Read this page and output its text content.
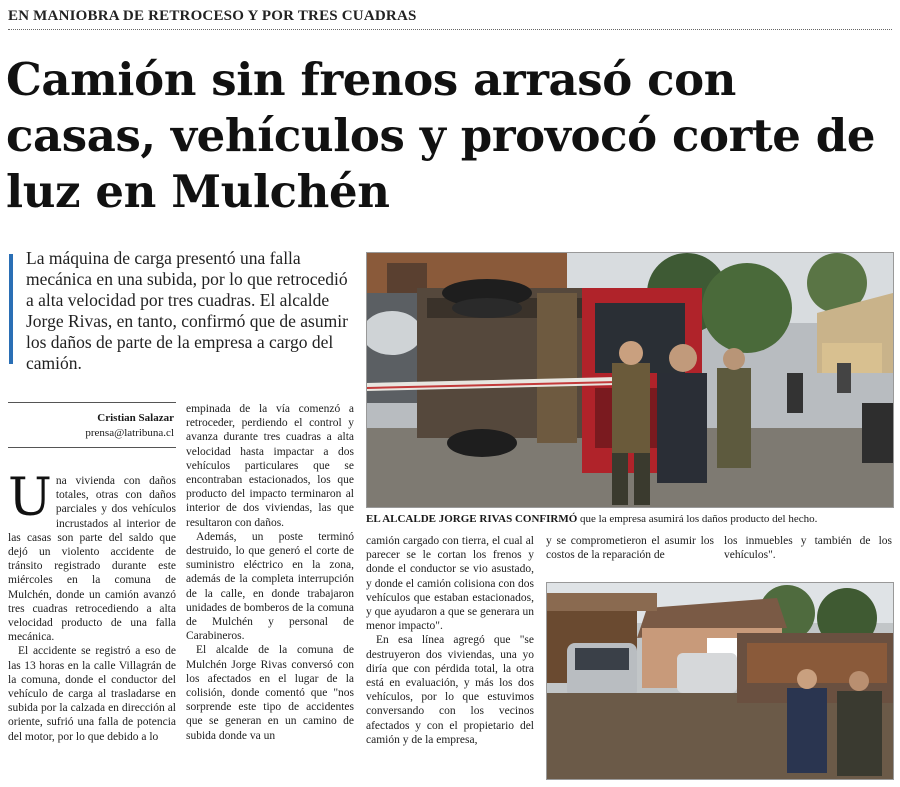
EN MANIOBRA DE RETROCESO Y POR TRES CUADRAS
Camión sin frenos arrasó con casas, vehículos y provocó corte de luz en Mulchén
La máquina de carga presentó una falla mecánica en una subida, por lo que retrocedió a alta velocidad por tres cuadras. El alcalde Jorge Rivas, en tanto, confirmó que de asumir los daños de parte de la empresa a cargo del camión.
EL ALCALDE JORGE RIVAS CONFIRMÓ que la empresa asumirá los daños producto del hecho.
Cristian Salazar
prensa@latribuna.cl

Una vivienda con daños totales, otras con daños parciales y dos vehículos incrustados al interior de las casas son parte del saldo que dejó un violento accidente de tránsito registrado durante este miércoles en la comuna de Mulchén, donde un camión avanzó tres cuadras retrocediendo a alta velocidad producto de una falla mecánica.

El accidente se registró a eso de las 13 horas en la calle Villagrán de la comuna, donde el conductor del vehículo de carga al trasladarse en subida por la calzada en dirección al oriente, sufrió una falla de potencia del motor, por lo que debido a lo

empinada de la vía comenzó a retroceder, perdiendo el control y avanza durante tres cuadras a alta velocidad hasta impactar a dos vehículos particulares que se encontraban estacionados, los que producto del impacto terminaron al interior de dos viviendas, las que resultaron con daños.

Además, un poste terminó destruido, lo que generó el corte de suministro eléctrico en la zona, además de la completa interrupción de la calle, en donde trabajaron unidades de bomberos de la comuna de Mulchén y personal de Carabineros.

El alcalde de la comuna de Mulchén Jorge Rivas conversó con los afectados en el lugar de la colisión, donde comentó que "nos sorprende este tipo de accidentes que se generan en un camino de subida donde va un

camión cargado con tierra, el cual al parecer se le cortan los frenos y donde el conductor se vio asustado, y donde el camión colisiona con dos vehículos que estaban estacionados, y que ayudaron a que se generara un menor impacto".

En esa línea agregó que "se destruyeron dos viviendas, una yo diría que con pérdida total, la otra está en evaluación, y más los dos vehículos, por lo que estuvimos conversando con los vecinos afectados y con el propietario del camión y de la empresa,

y se comprometieron el asumir los costos de la reparación de

los inmuebles y también de los vehículos".
